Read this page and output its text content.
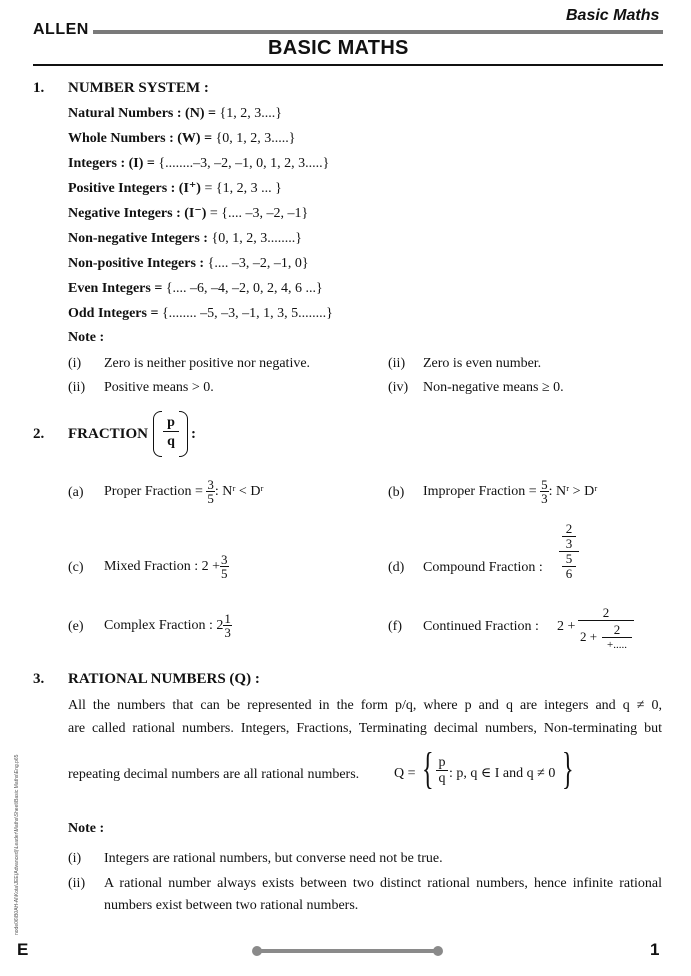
ALLEN
Basic Maths
BASIC MATHS
1. NUMBER SYSTEM :
Natural Numbers : (N) = {1, 2, 3....}
Whole Numbers : (W) = {0, 1, 2, 3.....}
Integers : (I) = {........–3, –2, –1, 0, 1, 2, 3.....}
Positive Integers : (I⁺) = {1, 2, 3 ... }
Negative Integers : (I⁻) = {.... –3, –2, –1}
Non-negative Integers : {0, 1, 2, 3........}
Non-positive Integers : {.... –3, –2, –1, 0}
Even Integers = {.... –6, –4, –2, 0, 2, 4, 6 ...}
Odd Integers = {........ –5, –3, –1, 1, 3, 5........}
Note :
(i) Zero is neither positive nor negative.	(ii) Zero is even number.
(ii) Positive means > 0.	(iv) Non-negative means ≥ 0.
2. FRACTION $\frac{p}{q}$ :
(a) Proper Fraction = $\frac{3}{5}$ : Nʳ < Dʳ	(b) Improper Fraction = $\frac{5}{3}$ : Nʳ > Dʳ
(c) Mixed Fraction : $2 + \frac{3}{5}$	(d) Compound Fraction :
2
3
5
6
(e) Complex Fraction : $2 \frac{1}{3}$	(f) Continued Fraction : 2 +
2
2 +	2
+.....
3. RATIONAL NUMBERS (Q) :
All the numbers that can be represented in the form p/q, where p and q are integers and q ≠ 0,
are called rational numbers. Integers, Fractions, Terminating decimal numbers, Non-terminating but
repeating decimal numbers are all rational numbers. Q = { p
q : p, q ∈ I and q ≠ 0 }
Note :
(i) Integers are rational numbers, but converse need not be true.
(ii) A rational number always exists between two distinct rational numbers, hence infinite rational
numbers exist between two rational numbers.
node06\B0AH-AI\Kota\JEE(Advanced)\Leader\Maths\Sheet\Basic Maths\Eng.p65
E	1
